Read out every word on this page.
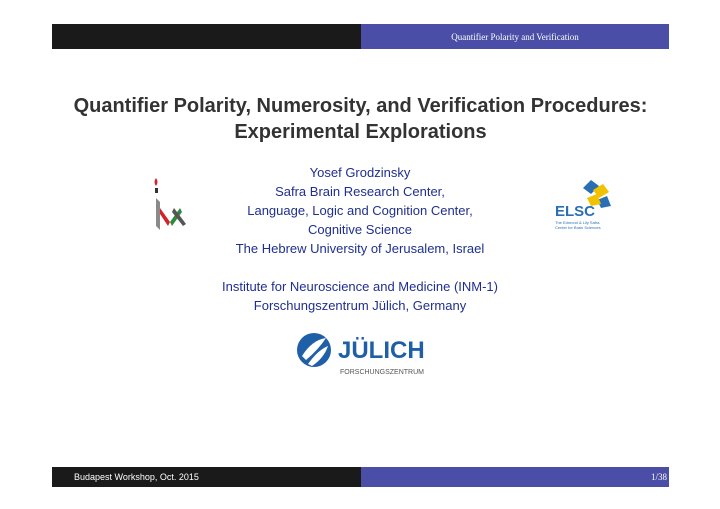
Quantifier Polarity and Verification
Quantifier Polarity, Numerosity, and Verification Procedures:
Experimental Explorations
Yosef Grodzinsky
Safra Brain Research Center,
Language, Logic and Cognition Center,
Cognitive Science
The Hebrew University of Jerusalem, Israel
Institute for Neuroscience and Medicine (INM-1)
Forschungszentrum Jülich, Germany
ELSC
The Edmond & Lily Safra
Center for Brain Sciences
JÜLICH
FORSCHUNGSZENTRUM
Budapest Workshop, Oct. 2015	1/38
